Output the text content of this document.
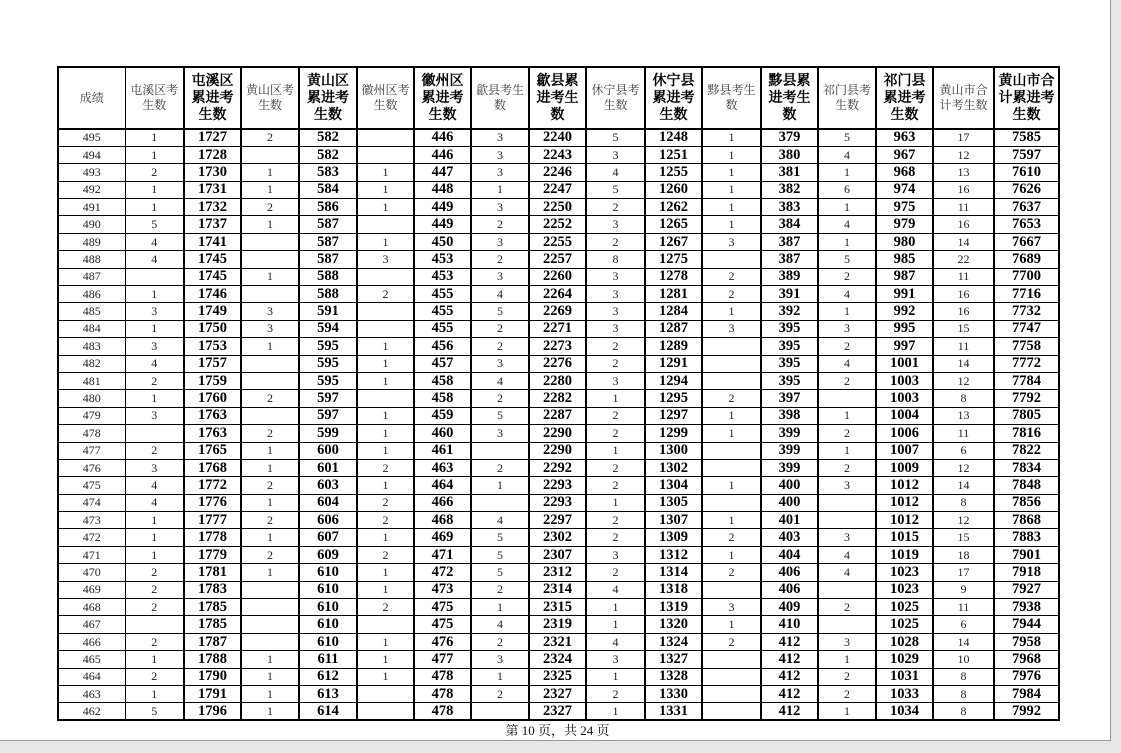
成绩	屯溪区考生数	屯溪区累进考生数	黄山区考生数	黄山区累进考生数	徽州区考生数	徽州区累进考生数	歙县考生数	歙县累进考生数	休宁县考生数	休宁县累进考生数	黟县考生数	黟县累进考生数	祁门县考生数	祁门县累进考生数	黄山市合计考生数	黄山市合计累进考生数
495	1	1727	2	582		446	3	2240	5	1248	1	379	5	963	17	7585
494	1	1728		582		446	3	2243	3	1251	1	380	4	967	12	7597
493	2	1730	1	583	1	447	3	2246	4	1255	1	381	1	968	13	7610
492	1	1731	1	584	1	448	1	2247	5	1260	1	382	6	974	16	7626
491	1	1732	2	586	1	449	3	2250	2	1262	1	383	1	975	11	7637
490	5	1737	1	587		449	2	2252	3	1265	1	384	4	979	16	7653
489	4	1741		587	1	450	3	2255	2	1267	3	387	1	980	14	7667
488	4	1745		587	3	453	2	2257	8	1275		387	5	985	22	7689
487		1745	1	588		453	3	2260	3	1278	2	389	2	987	11	7700
486	1	1746		588	2	455	4	2264	3	1281	2	391	4	991	16	7716
485	3	1749	3	591		455	5	2269	3	1284	1	392	1	992	16	7732
484	1	1750	3	594		455	2	2271	3	1287	3	395	3	995	15	7747
483	3	1753	1	595	1	456	2	2273	2	1289		395	2	997	11	7758
482	4	1757		595	1	457	3	2276	2	1291		395	4	1001	14	7772
481	2	1759		595	1	458	4	2280	3	1294		395	2	1003	12	7784
480	1	1760	2	597		458	2	2282	1	1295	2	397		1003	8	7792
479	3	1763		597	1	459	5	2287	2	1297	1	398	1	1004	13	7805
478		1763	2	599	1	460	3	2290	2	1299	1	399	2	1006	11	7816
477	2	1765	1	600	1	461		2290	1	1300		399	1	1007	6	7822
476	3	1768	1	601	2	463	2	2292	2	1302		399	2	1009	12	7834
475	4	1772	2	603	1	464	1	2293	2	1304	1	400	3	1012	14	7848
474	4	1776	1	604	2	466		2293	1	1305		400		1012	8	7856
473	1	1777	2	606	2	468	4	2297	2	1307	1	401		1012	12	7868
472	1	1778	1	607	1	469	5	2302	2	1309	2	403	3	1015	15	7883
471	1	1779	2	609	2	471	5	2307	3	1312	1	404	4	1019	18	7901
470	2	1781	1	610	1	472	5	2312	2	1314	2	406	4	1023	17	7918
469	2	1783		610	1	473	2	2314	4	1318		406		1023	9	7927
468	2	1785		610	2	475	1	2315	1	1319	3	409	2	1025	11	7938
467		1785		610		475	4	2319	1	1320	1	410		1025	6	7944
466	2	1787		610	1	476	2	2321	4	1324	2	412	3	1028	14	7958
465	1	1788	1	611	1	477	3	2324	3	1327		412	1	1029	10	7968
464	2	1790	1	612	1	478	1	2325	1	1328		412	2	1031	8	7976
463	1	1791	1	613		478	2	2327	2	1330		412	2	1033	8	7984
462	5	1796	1	614		478		2327	1	1331		412	1	1034	8	7992
第 10 页，共 24 页
